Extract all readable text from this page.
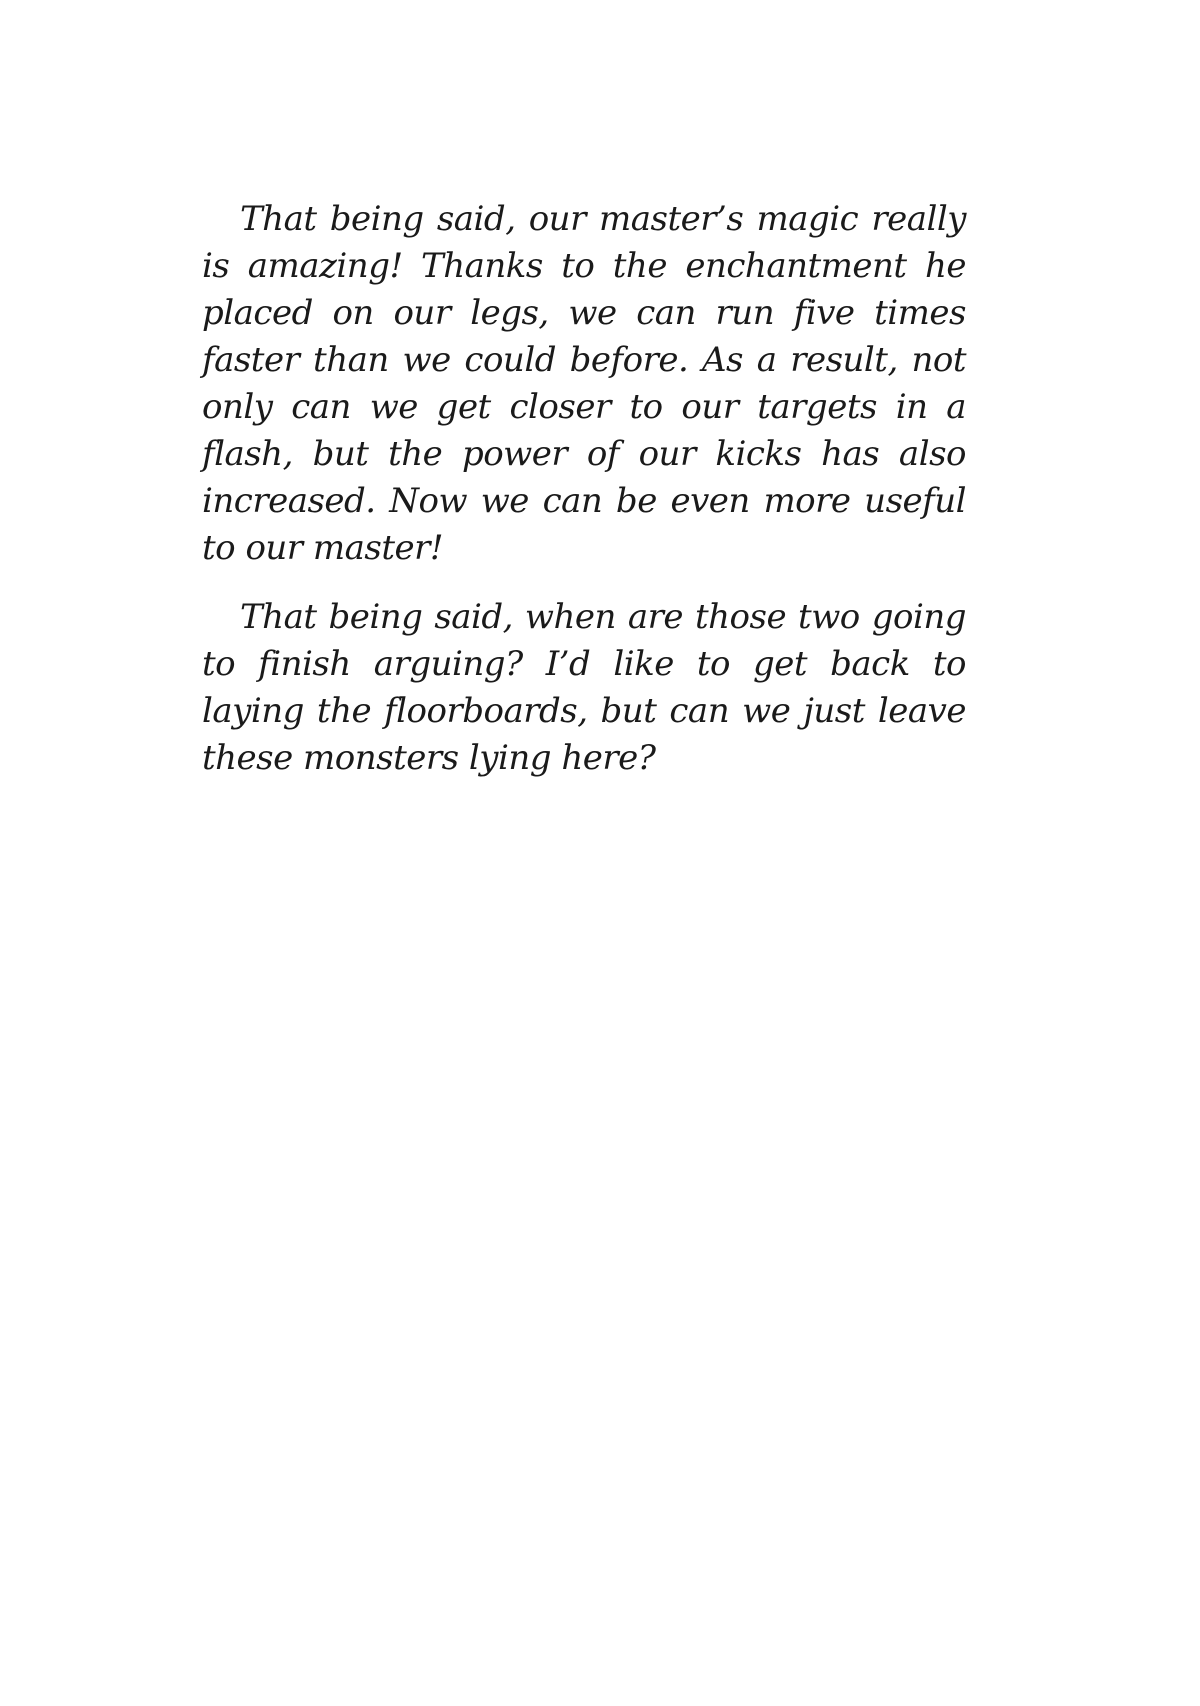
That being said, our master’s magic really is amazing! Thanks to the enchantment he placed on our legs, we can run five times faster than we could before. As a result, not only can we get closer to our targets in a flash, but the power of our kicks has also increased. Now we can be even more useful to our master!

That being said, when are those two going to finish arguing? I’d like to get back to laying the floorboards, but can we just leave these monsters lying here?
